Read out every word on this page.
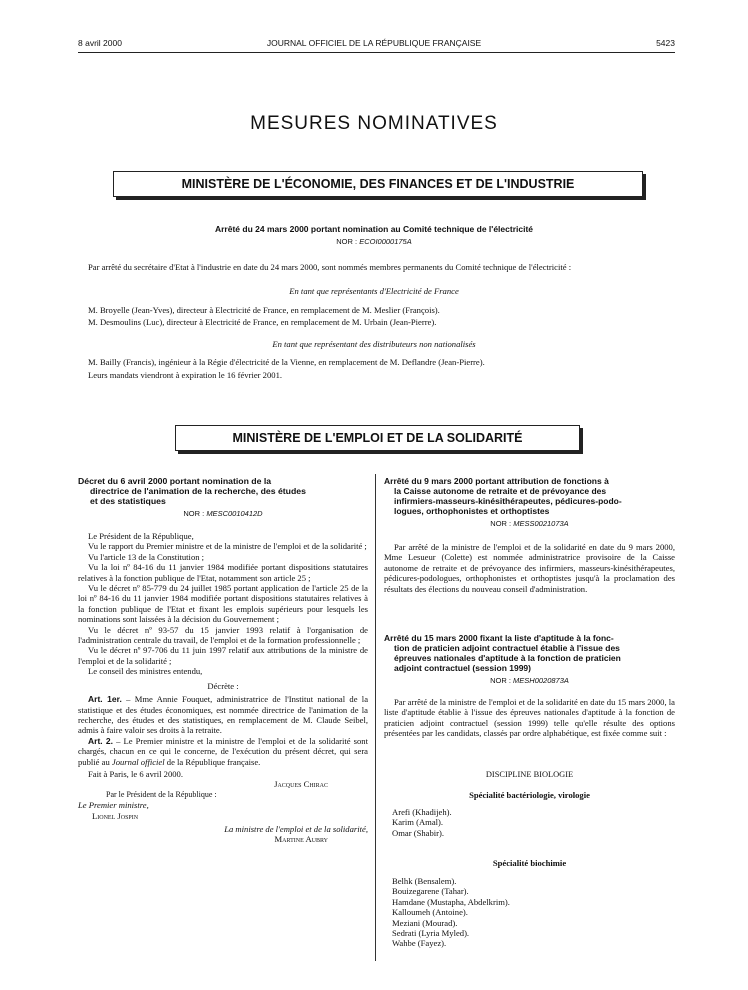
8 avril 2000	JOURNAL OFFICIEL DE LA RÉPUBLIQUE FRANÇAISE	5423
MESURES NOMINATIVES
MINISTÈRE DE L'ÉCONOMIE, DES FINANCES ET DE L'INDUSTRIE
Arrêté du 24 mars 2000 portant nomination au Comité technique de l'électricité
NOR : ECOI0000175A
Par arrêté du secrétaire d'Etat à l'industrie en date du 24 mars 2000, sont nommés membres permanents du Comité technique de l'électricité :
En tant que représentants d'Electricité de France
M. Broyelle (Jean-Yves), directeur à Electricité de France, en remplacement de M. Meslier (François).
M. Desmoulins (Luc), directeur à Electricité de France, en remplacement de M. Urbain (Jean-Pierre).
En tant que représentant des distributeurs non nationalisés
M. Bailly (Francis), ingénieur à la Régie d'électricité de la Vienne, en remplacement de M. Deflandre (Jean-Pierre).
Leurs mandats viendront à expiration le 16 février 2001.
MINISTÈRE DE L'EMPLOI ET DE LA SOLIDARITÉ
Décret du 6 avril 2000 portant nomination de la
directrice de l'animation de la recherche, des études
et des statistiques
NOR : MESC0010412D

Le Président de la République,

Vu le rapport du Premier ministre et de la ministre de l'emploi et de la solidarité ;

Vu l'article 13 de la Constitution ;

Vu la loi nº 84-16 du 11 janvier 1984 modifiée portant dispositions statutaires relatives à la fonction publique de l'Etat, notamment son article 25 ;

Vu le décret nº 85-779 du 24 juillet 1985 portant application de l'article 25 de la loi nº 84-16 du 11 janvier 1984 modifiée portant dispositions statutaires relatives à la fonction publique de l'Etat et fixant les emplois supérieurs pour lesquels les nominations sont laissées à la décision du Gouvernement ;

Vu le décret nº 93-57 du 15 janvier 1993 relatif à l'organisation de l'administration centrale du travail, de l'emploi et de la formation professionnelle ;

Vu le décret nº 97-706 du 11 juin 1997 relatif aux attributions de la ministre de l'emploi et de la solidarité ;

Le conseil des ministres entendu,

Décrète :

Art. 1er. – Mme Annie Fouquet, administratrice de l'Institut national de la statistique et des études économiques, est nommée directrice de l'animation de la recherche, des études et des statistiques, en remplacement de M. Claude Seibel, admis à faire valoir ses droits à la retraite.

Art. 2. – Le Premier ministre et la ministre de l'emploi et de la solidarité sont chargés, chacun en ce qui le concerne, de l'exécution du présent décret, qui sera publié au Journal officiel de la République française.

Fait à Paris, le 6 avril 2000.

Jacques Chirac
Par le Président de la République :
Le Premier ministre,
Lionel Jospin
La ministre de l'emploi et de la solidarité,
Martine Aubry
Arrêté du 9 mars 2000 portant attribution de fonctions à
la Caisse autonome de retraite et de prévoyance des
infirmiers-masseurs-kinésithérapeutes, pédicures-podo-
logues, orthophonistes et orthoptistes
NOR : MESS0021073A
Par arrêté de la ministre de l'emploi et de la solidarité en date du 9 mars 2000, Mme Lesueur (Colette) est nommée administratrice provisoire de la Caisse autonome de retraite et de prévoyance des infirmiers, masseurs-kinésithérapeutes, pédicures-podologues, orthophonistes et orthoptistes jusqu'à la proclamation des résultats des élections du nouveau conseil d'administration.
Arrêté du 15 mars 2000 fixant la liste d'aptitude à la fonc-
tion de praticien adjoint contractuel établie à l'issue des
épreuves nationales d'aptitude à la fonction de praticien
adjoint contractuel (session 1999)
NOR : MESH0020873A
Par arrêté de la ministre de l'emploi et de la solidarité en date du 15 mars 2000, la liste d'aptitude établie à l'issue des épreuves nationales d'aptitude à la fonction de praticien adjoint contractuel (session 1999) telle qu'elle résulte des options présentées par les candidats, classés par ordre alphabétique, est fixée comme suit :
DISCIPLINE BIOLOGIE
Spécialité bactériologie, virologie
Arefi (Khadijeh).
Karim (Amal).
Omar (Shabir).
Spécialité biochimie
Belhk (Bensalem).
Bouizegarene (Tahar).
Hamdane (Mustapha, Abdelkrim).
Kalloumeh (Antoine).
Meziani (Mourad).
Sedrati (Lyria Myled).
Wahbe (Fayez).
